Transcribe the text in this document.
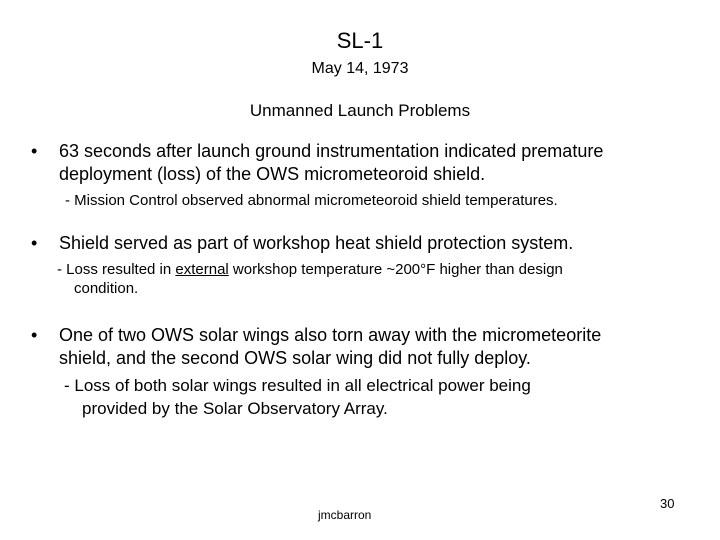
SL-1
May 14, 1973
Unmanned Launch Problems
• 63 seconds after launch ground instrumentation indicated premature
deployment (loss) of the OWS micrometeoroid shield.
- Mission Control observed abnormal micrometeoroid shield temperatures.
• Shield served as part of workshop heat shield protection system.
- Loss resulted in external workshop temperature ~200°F higher than design
condition.
• One of two OWS solar wings also torn away with the micrometeorite
shield, and the second OWS solar wing did not fully deploy.
- Loss of both solar wings resulted in all electrical power being
provided by the Solar Observatory Array.
jmcbarron
30
